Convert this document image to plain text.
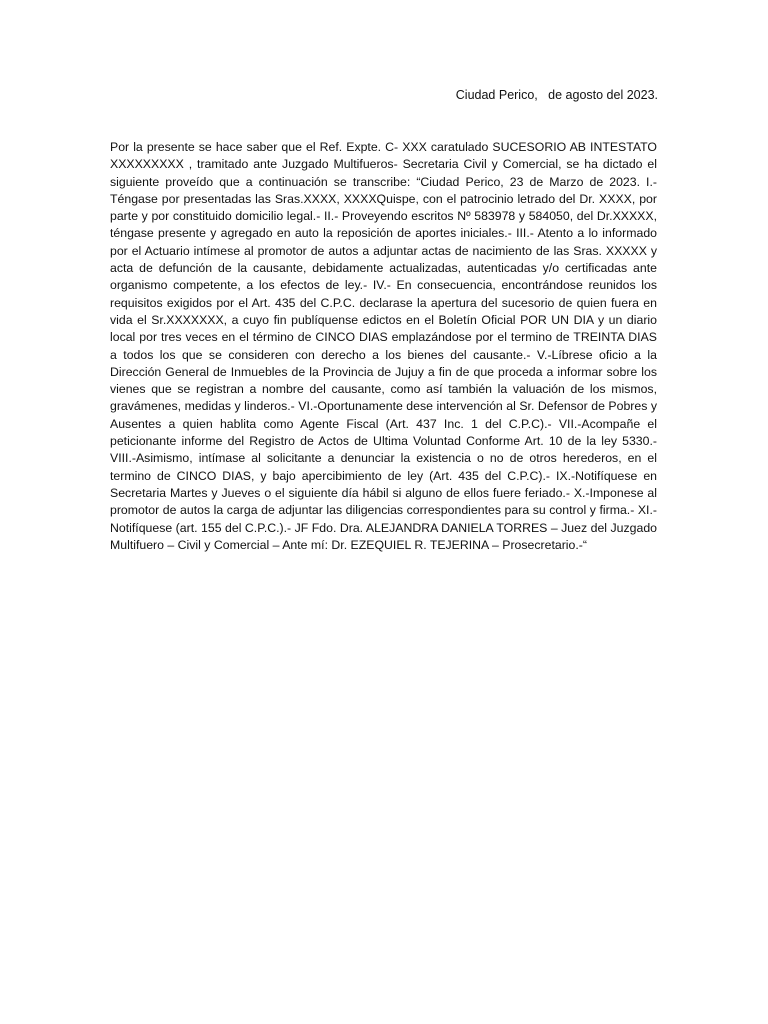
Ciudad Perico,   de agosto del 2023.

Por la presente se hace saber que el Ref. Expte. C- XXX caratulado SUCESORIO AB INTESTATO XXXXXXXXX , tramitado ante Juzgado Multifueros- Secretaria Civil y Comercial, se ha dictado el siguiente proveído que a continuación se transcribe: “Ciudad Perico, 23 de Marzo de 2023. I.- Téngase por presentadas las Sras.XXXX, XXXXQuispe, con el patrocinio letrado del Dr. XXXX, por parte y por constituido domicilio legal.- II.- Proveyendo escritos Nº 583978 y 584050, del Dr.XXXXX, téngase presente y agregado en auto la reposición de aportes iniciales.- III.- Atento a lo informado por el Actuario intímese al promotor de autos a adjuntar actas de nacimiento de las Sras. XXXXX y acta de defunción de la causante, debidamente actualizadas, autenticadas y/o certificadas ante organismo competente, a los efectos de ley.- IV.- En consecuencia, encontrándose reunidos los requisitos exigidos por el Art. 435 del C.P.C. declarase la apertura del sucesorio de quien fuera en vida el Sr.XXXXXXX, a cuyo fin publíquense edictos en el Boletín Oficial POR UN DIA y un diario local por tres veces en el término de CINCO DIAS emplazándose por el termino de TREINTA DIAS a todos los que se consideren con derecho a los bienes del causante.- V.-Líbrese oficio a la Dirección General de Inmuebles de la Provincia de Jujuy a fin de que proceda a informar sobre los vienes que se registran a nombre del causante, como así también la valuación de los mismos, gravámenes, medidas y linderos.- VI.-Oportunamente dese intervención al Sr. Defensor de Pobres y Ausentes a quien hablita como Agente Fiscal (Art. 437 Inc. 1 del C.P.C).- VII.-Acompañe el peticionante informe del Registro de Actos de Ultima Voluntad Conforme Art. 10 de la ley 5330.- VIII.-Asimismo, intímase al solicitante a denunciar la existencia o no de otros herederos, en el termino de CINCO DIAS, y bajo apercibimiento de ley (Art. 435 del C.P.C).- IX.-Notifíquese en Secretaria Martes y Jueves o el siguiente día hábil si alguno de ellos fuere feriado.- X.-Imponese al promotor de autos la carga de adjuntar las diligencias correspondientes para su control y firma.- XI.- Notifíquese (art. 155 del C.P.C.).- JF Fdo. Dra. ALEJANDRA DANIELA TORRES – Juez del Juzgado Multifuero – Civil y Comercial – Ante mí: Dr. EZEQUIEL R. TEJERINA – Prosecretario.-“
